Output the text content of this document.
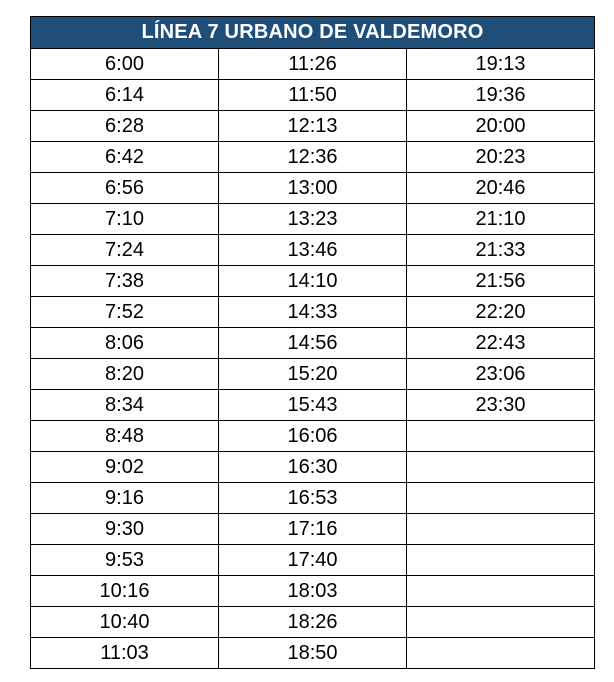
LÍNEA 7 URBANO DE VALDEMORO		
6:00	11:26	19:13
6:14	11:50	19:36
6:28	12:13	20:00
6:42	12:36	20:23
6:56	13:00	20:46
7:10	13:23	21:10
7:24	13:46	21:33
7:38	14:10	21:56
7:52	14:33	22:20
8:06	14:56	22:43
8:20	15:20	23:06
8:34	15:43	23:30
8:48	16:06	
9:02	16:30	
9:16	16:53	
9:30	17:16	
9:53	17:40	
10:16	18:03	
10:40	18:26	
11:03	18:50	
